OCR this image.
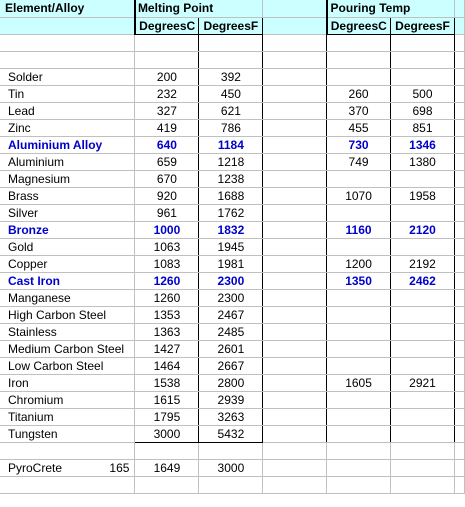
Element/Alloy	Melting Point			Pouring Temp		
	DegreesC	DegreesF		DegreesC	DegreesF	

Solder	200	392				
Tin	232	450		260	500	
Lead	327	621		370	698	
Zinc	419	786		455	851	
Aluminium Alloy	640	1184		730	1346	
Aluminium	659	1218		749	1380	
Magnesium	670	1238				
Brass	920	1688		1070	1958	
Silver	961	1762				
Bronze	1000	1832		1160	2120	
Gold	1063	1945				
Copper	1083	1981		1200	2192	
Cast Iron	1260	2300		1350	2462	
Manganese	1260	2300				
High Carbon Steel	1353	2467				
Stainless	1363	2485				
Medium Carbon Steel	1427	2601				
Low Carbon Steel	1464	2667				
Iron	1538	2800		1605	2921	
Chromium	1615	2939				
Titanium	1795	3263				
Tungsten	3000	5432				

PyroCrete 165	1649	3000				
